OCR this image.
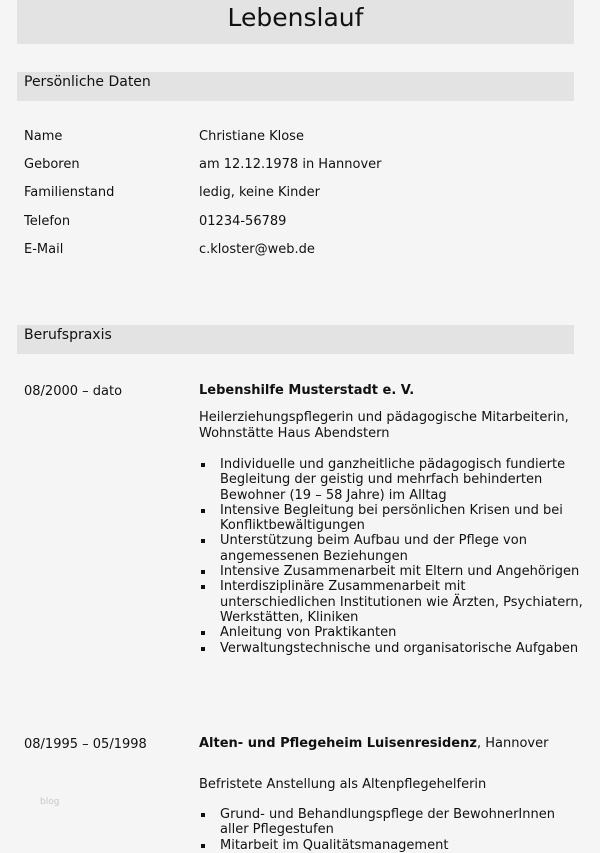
Lebenslauf
Persönliche Daten
Name	Christiane Klose
Geboren	am 12.12.1978 in Hannover
Familienstand	ledig, keine Kinder
Telefon	01234-56789
E-Mail	c.kloster@web.de
Berufspraxis
08/2000 – dato	Lebenshilfe Musterstadt e. V.
Heilerziehungspflegerin und pädagogische Mitarbeiterin,
Wohnstätte Haus Abendstern
Individuelle und ganzheitliche pädagogisch fundierte Begleitung der geistig und mehrfach behinderten Bewohner (19 – 58 Jahre) im Alltag
Intensive Begleitung bei persönlichen Krisen und bei Konfliktbewältigungen
Unterstützung beim Aufbau und der Pflege von angemessenen Beziehungen
Intensive Zusammenarbeit mit Eltern und Angehörigen
Interdisziplinäre Zusammenarbeit mit unterschiedlichen Institutionen wie Ärzten, Psychiatern, Werkstätten, Kliniken
Anleitung von Praktikanten
Verwaltungstechnische und organisatorische Aufgaben
08/1995 – 05/1998	Alten- und Pflegeheim Luisenresidenz, Hannover
Befristete Anstellung als Altenpflegehelferin
Grund- und Behandlungspflege der BewohnerInnen aller Pflegestufen
Mitarbeit im Qualitätsmanagement
blog
